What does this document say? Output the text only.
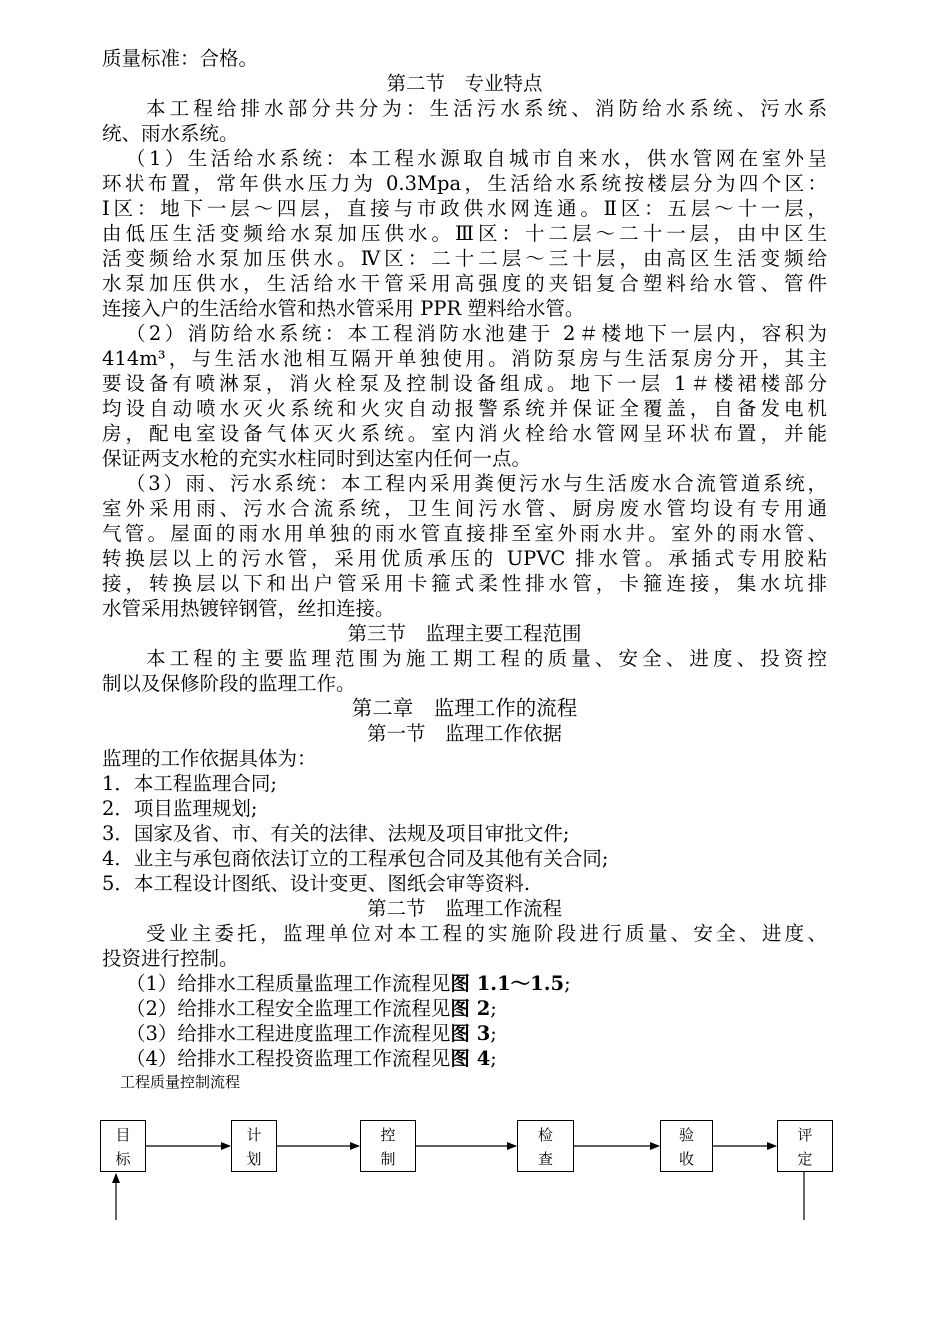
质量标准：合格。
第二节　专业特点
本工程给排水部分共分为：生活污水系统、消防给水系统、污水系
统、雨水系统。
（1）生活给水系统：本工程水源取自城市自来水，供水管网在室外呈
环状布置，常年供水压力为 0.3Mpa，生活给水系统按楼层分为四个区：
Ⅰ区：地下一层～四层，直接与市政供水网连通。Ⅱ区：五层～十一层，
由低压生活变频给水泵加压供水。Ⅲ区：十二层～二十一层，由中区生
活变频给水泵加压供水。Ⅳ区：二十二层～三十层，由高区生活变频给
水泵加压供水，生活给水干管采用高强度的夹铝复合塑料给水管、管件
连接入户的生活给水管和热水管采用 PPR 塑料给水管。
（2）消防给水系统：本工程消防水池建于 2＃楼地下一层内，容积为
414m³，与生活水池相互隔开单独使用。消防泵房与生活泵房分开，其主
要设备有喷淋泵，消火栓泵及控制设备组成。地下一层 1＃楼裙楼部分
均设自动喷水灭火系统和火灾自动报警系统并保证全覆盖，自备发电机
房，配电室设备气体灭火系统。室内消火栓给水管网呈环状布置，并能
保证两支水枪的充实水柱同时到达室内任何一点。
（3）雨、污水系统：本工程内采用粪便污水与生活废水合流管道系统，
室外采用雨、污水合流系统，卫生间污水管、厨房废水管均设有专用通
气管。屋面的雨水用单独的雨水管直接排至室外雨水井。室外的雨水管、
转换层以上的污水管，采用优质承压的 UPVC 排水管。承插式专用胶粘
接，转换层以下和出户管采用卡箍式柔性排水管，卡箍连接，集水坑排
水管采用热镀锌钢管，丝扣连接。
第三节　监理主要工程范围
本工程的主要监理范围为施工期工程的质量、安全、进度、投资控
制以及保修阶段的监理工作。
第二章　监理工作的流程
第一节　监理工作依据
监理的工作依据具体为：
1．本工程监理合同;
2．项目监理规划;
3．国家及省、市、有关的法律、法规及项目审批文件;
4．业主与承包商依法订立的工程承包合同及其他有关合同;
5．本工程设计图纸、设计变更、图纸会审等资料.
第二节　监理工作流程
受业主委托，监理单位对本工程的实施阶段进行质量、安全、进度、
投资进行控制。
（1）给排水工程质量监理工作流程见图 1.1～1.5;
（2）给排水工程安全监理工作流程见图 2;
（3）给排水工程进度监理工作流程见图 3;
（4）给排水工程投资监理工作流程见图 4;
工程质量控制流程
目
标
计
划
控
制
检
查
验
收
评
定
